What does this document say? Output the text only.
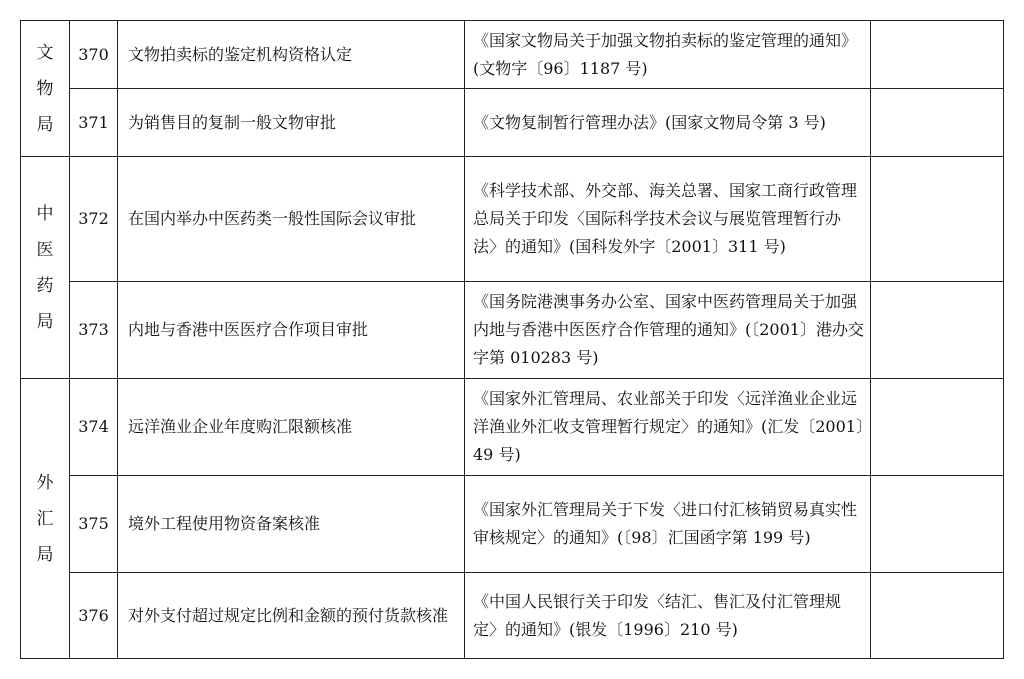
文
物
局	370	文物拍卖标的鉴定机构资格认定	《国家文物局关于加强文物拍卖标的鉴定管理的通知》(文物字〔96〕1187 号)	
	371	为销售目的复制一般文物审批	《文物复制暂行管理办法》(国家文物局令第 3 号)	

中
医
药
局	372	在国内举办中医药类一般性国际会议审批	《科学技术部、外交部、海关总署、国家工商行政管理总局关于印发〈国际科学技术会议与展览管理暂行办法〉的通知》(国科发外字〔2001〕311 号)	
	373	内地与香港中医医疗合作项目审批	《国务院港澳事务办公室、国家中医药管理局关于加强内地与香港中医医疗合作管理的通知》(〔2001〕港办交字第 010283 号)	

外
汇
局	374	远洋渔业企业年度购汇限额核准	《国家外汇管理局、农业部关于印发〈远洋渔业企业远洋渔业外汇收支管理暂行规定〉的通知》(汇发〔2001〕49 号)	
	375	境外工程使用物资备案核准	《国家外汇管理局关于下发〈进口付汇核销贸易真实性审核规定〉的通知》(〔98〕汇国函字第 199 号)	
	376	对外支付超过规定比例和金额的预付货款核准	《中国人民银行关于印发〈结汇、售汇及付汇管理规定〉的通知》(银发〔1996〕210 号)	
